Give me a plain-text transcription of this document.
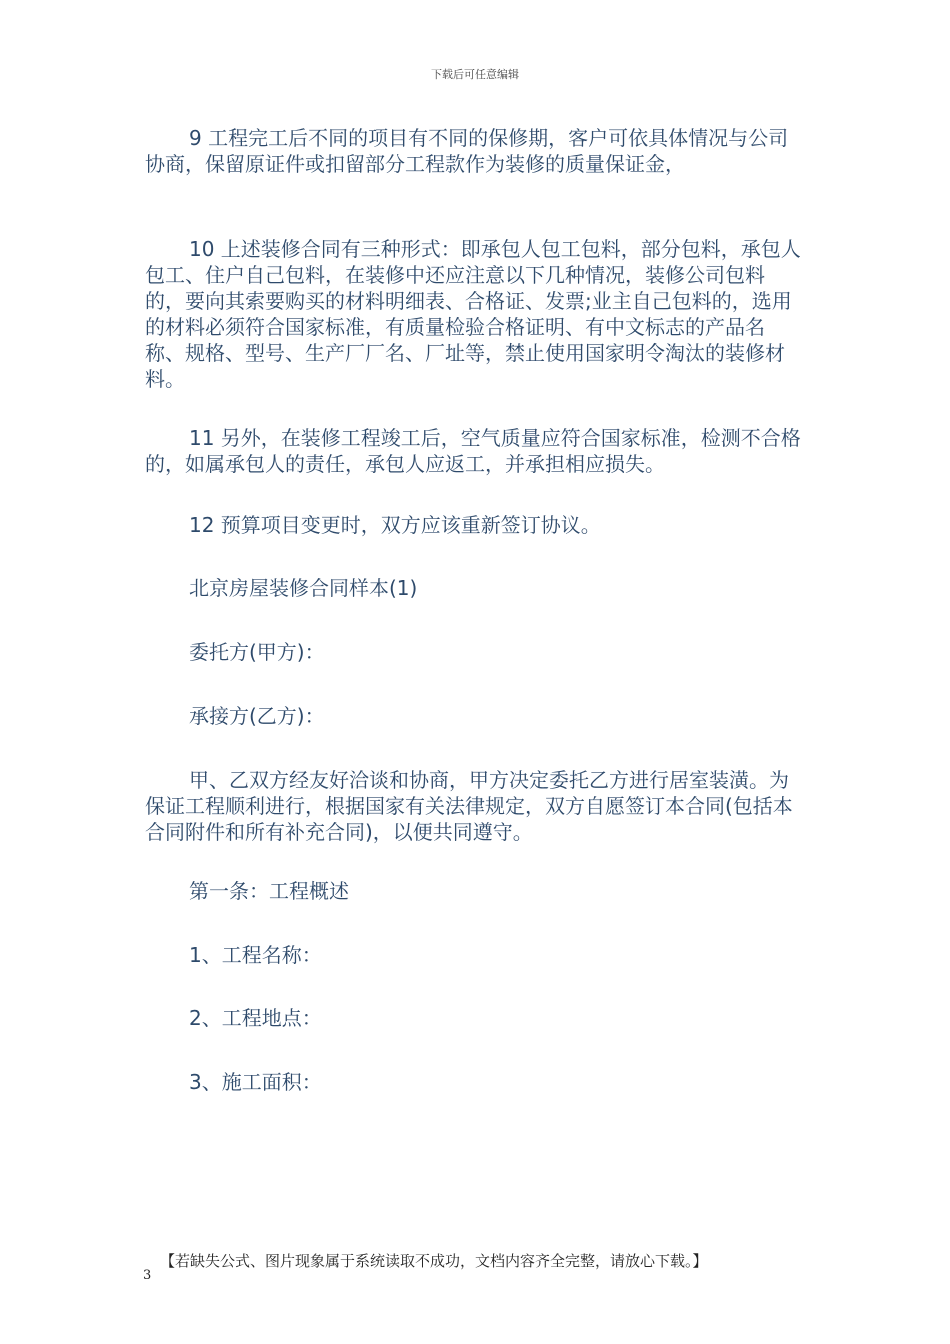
下载后可任意编辑

9 工程完工后不同的项目有不同的保修期，客户可依具体情况与公司协商，保留原证件或扣留部分工程款作为装修的质量保证金，

10 上述装修合同有三种形式：即承包人包工包料，部分包料，承包人包工、住户自己包料，在装修中还应注意以下几种情况，装修公司包料的，要向其索要购买的材料明细表、合格证、发票;业主自己包料的，选用的材料必须符合国家标准，有质量检验合格证明、有中文标志的产品名称、规格、型号、生产厂厂名、厂址等，禁止使用国家明令淘汰的装修材料。

11 另外，在装修工程竣工后，空气质量应符合国家标准，检测不合格的，如属承包人的责任，承包人应返工，并承担相应损失。

12 预算项目变更时，双方应该重新签订协议。

北京房屋装修合同样本(1)

委托方(甲方)：

承接方(乙方)：

甲、乙双方经友好洽谈和协商，甲方决定委托乙方进行居室装潢。为保证工程顺利进行，根据国家有关法律规定，双方自愿签订本合同(包括本合同附件和所有补充合同)，以便共同遵守。

第一条：工程概述

1、工程名称：

2、工程地点：

3、施工面积：

【若缺失公式、图片现象属于系统读取不成功，文档内容齐全完整，请放心下载。】
3
